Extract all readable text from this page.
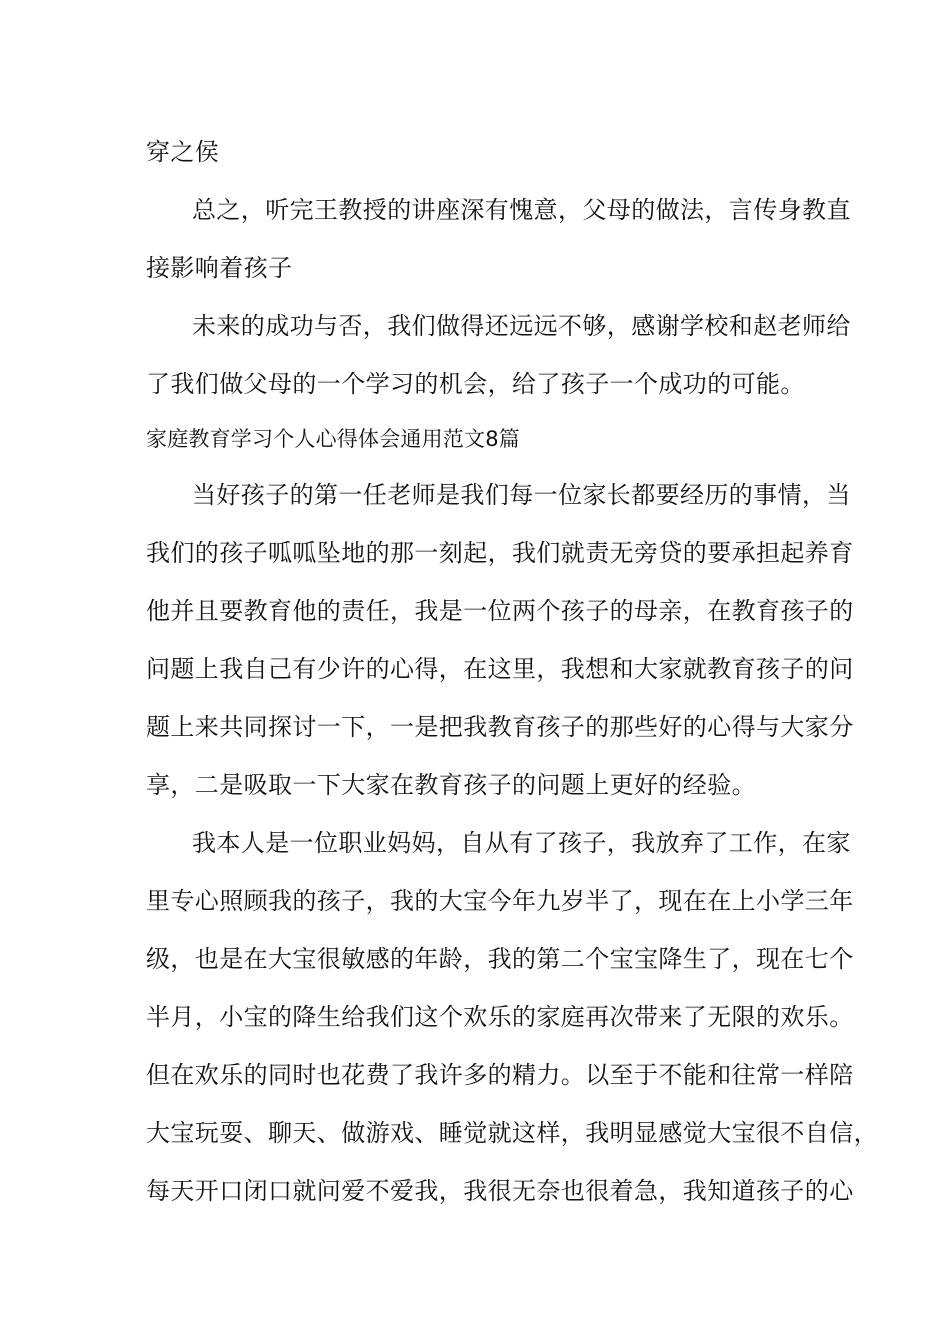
穿之侯
总之，听完王教授的讲座深有愧意，父母的做法，言传身教直
接影响着孩子
未来的成功与否，我们做得还远远不够，感谢学校和赵老师给
了我们做父母的一个学习的机会，给了孩子一个成功的可能。
家庭教育学习个人心得体会通用范文8篇
当好孩子的第一任老师是我们每一位家长都要经历的事情，当
我们的孩子呱呱坠地的那一刻起，我们就责无旁贷的要承担起养育
他并且要教育他的责任，我是一位两个孩子的母亲，在教育孩子的
问题上我自己有少许的心得，在这里，我想和大家就教育孩子的问
题上来共同探讨一下，一是把我教育孩子的那些好的心得与大家分
享，二是吸取一下大家在教育孩子的问题上更好的经验。
我本人是一位职业妈妈，自从有了孩子，我放弃了工作，在家
里专心照顾我的孩子，我的大宝今年九岁半了，现在在上小学三年
级，也是在大宝很敏感的年龄，我的第二个宝宝降生了，现在七个
半月，小宝的降生给我们这个欢乐的家庭再次带来了无限的欢乐。
但在欢乐的同时也花费了我许多的精力。以至于不能和往常一样陪
大宝玩耍、聊天、做游戏、睡觉就这样，我明显感觉大宝很不自信，
每天开口闭口就问爱不爱我，我很无奈也很着急，我知道孩子的心
